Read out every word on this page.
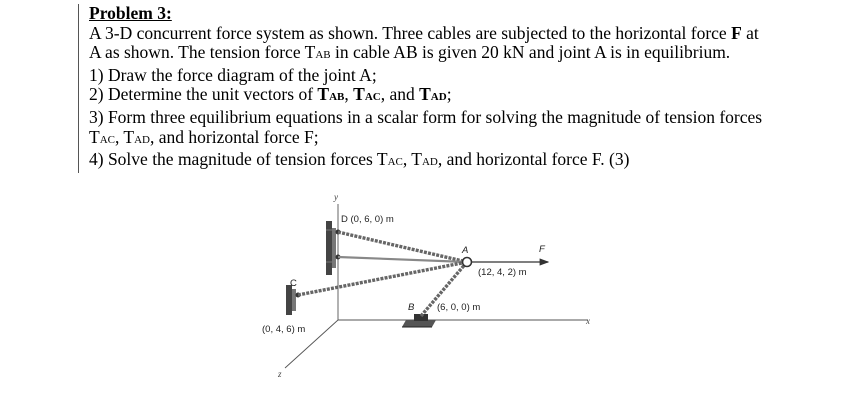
Problem 3:
A 3-D concurrent force system as shown. Three cables are subjected to the horizontal force F at
A as shown. The tension force TAB in cable AB is given 20 kN and joint A is in equilibrium.
1) Draw the force diagram of the joint A;
2) Determine the unit vectors of TAB, TAC, and TAD;
3) Form three equilibrium equations in a scalar form for solving the magnitude of tension forces
TAC, TAD, and horizontal force F;
4) Solve the magnitude of tension forces TAC, TAD, and horizontal force F. (3)
y
x
z
D (0, 6, 0) m
A	F
(12, 4, 2) m
C
B (6, 0, 0) m
(0, 4, 6) m
